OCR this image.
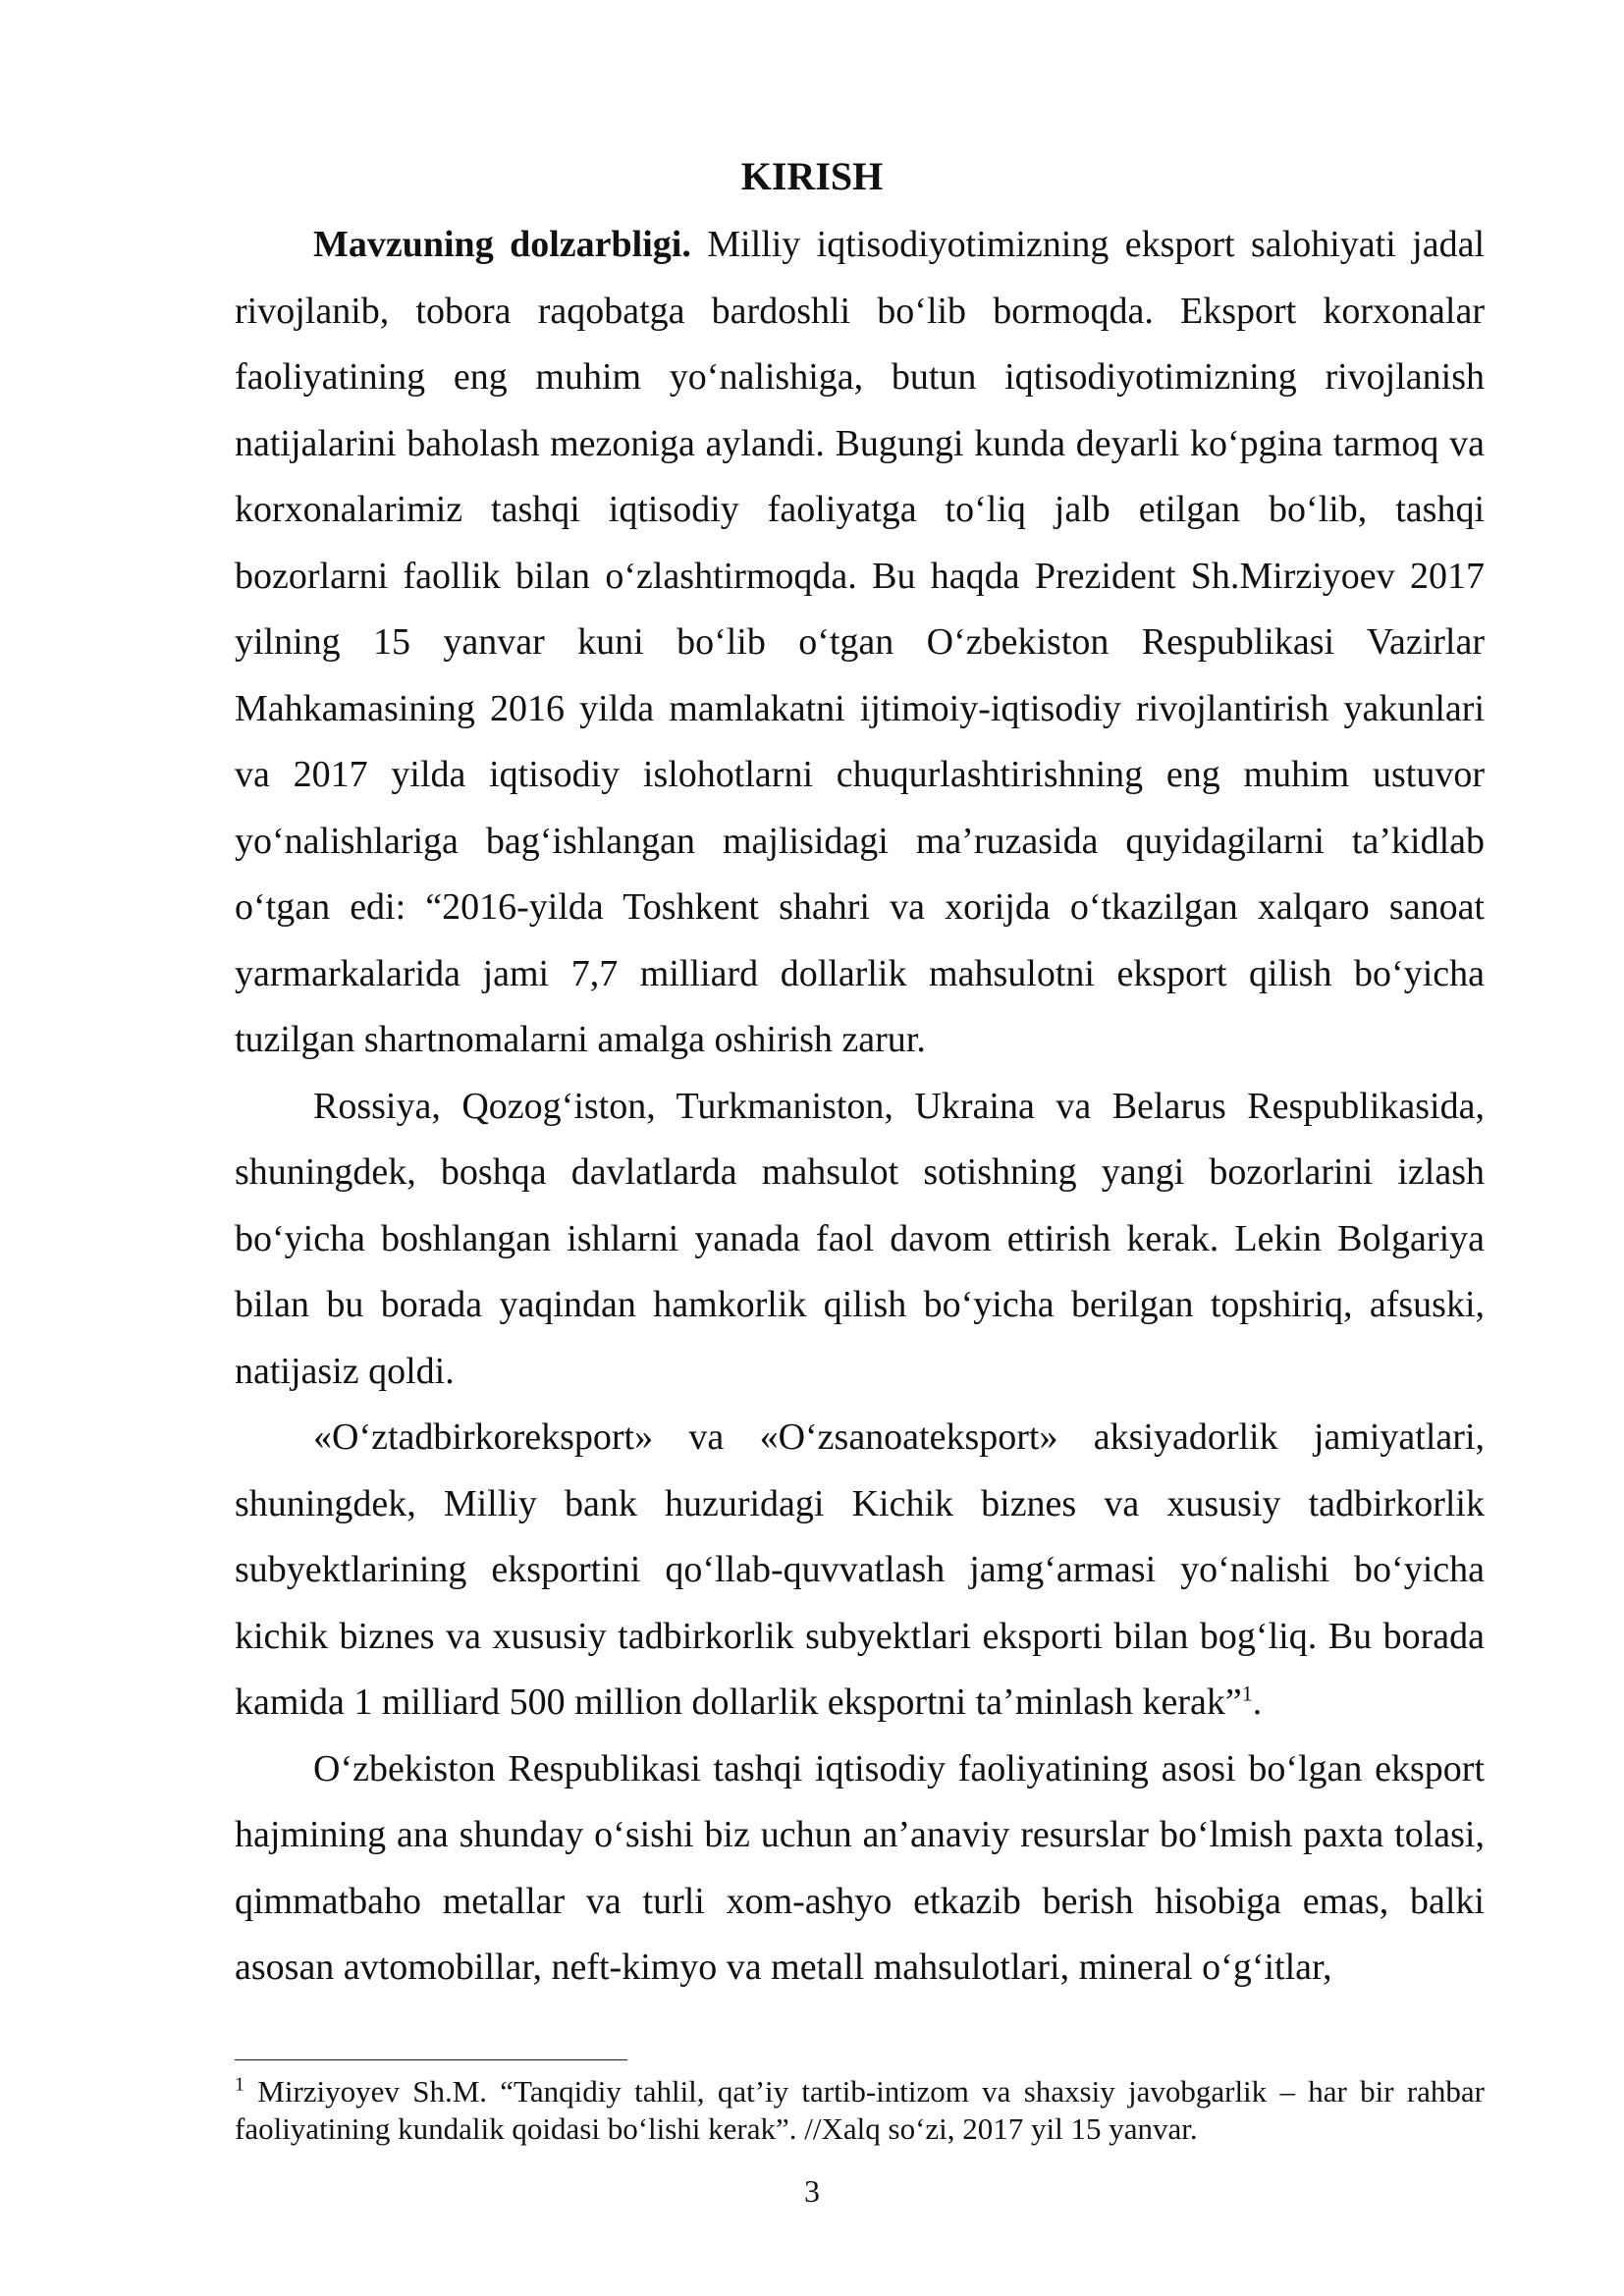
KIRISH

Mavzuning dolzarbligi. Milliy iqtisodiyotimizning eksport salohiyati jadal rivojlanib, tobora raqobatga bardoshli bo‘lib bormoqda. Eksport korxonalar faoliyatining eng muhim yo‘nalishiga, butun iqtisodiyotimizning rivojlanish natijalarini baholash mezoniga aylandi. Bugungi kunda deyarli ko‘pgina tarmoq va korxonalarimiz tashqi iqtisodiy faoliyatga to‘liq jalb etilgan bo‘lib, tashqi bozorlarni faollik bilan o‘zlashtirmoqda. Bu haqda Prezident Sh.Mirziyoev 2017 yilning 15 yanvar kuni bo‘lib o‘tgan O‘zbekiston Respublikasi Vazirlar Mahkamasining 2016 yilda mamlakatni ijtimoiy-iqtisodiy rivojlantirish yakunlari va 2017 yilda iqtisodiy islohotlarni chuqurlashtirishning eng muhim ustuvor yo‘nalishlariga bag‘ishlangan majlisidagi ma’ruzasida quyidagilarni ta’kidlab o‘tgan edi: “2016-yilda Toshkent shahri va xorijda o‘tkazilgan xalqaro sanoat yarmarkalarida jami 7,7 milliard dollarlik mahsulotni eksport qilish bo‘yicha tuzilgan shartnomalarni amalga oshirish zarur.

Rossiya, Qozog‘iston, Turkmaniston, Ukraina va Belarus Respublikasida, shuningdek, boshqa davlatlarda mahsulot sotishning yangi bozorlarini izlash bo‘yicha boshlangan ishlarni yanada faol davom ettirish kerak. Lekin Bolgariya bilan bu borada yaqindan hamkorlik qilish bo‘yicha berilgan topshiriq, afsuski, natijasiz qoldi.

«O‘ztadbirkoreksport» va «O‘zsanoateksport» aksiyadorlik jamiyatlari, shuningdek, Milliy bank huzuridagi Kichik biznes va xususiy tadbirkorlik subyektlarining eksportini qo‘llab-quvvatlash jamg‘armasi yo‘nalishi bo‘yicha kichik biznes va xususiy tadbirkorlik subyektlari eksporti bilan bog‘liq. Bu borada kamida 1 milliard 500 million dollarlik eksportni ta’minlash kerak”$^1$.

O‘zbekiston Respublikasi tashqi iqtisodiy faoliyatining asosi bo‘lgan eksport hajmining ana shunday o‘sishi biz uchun an’anaviy resurslar bo‘lmish paxta tolasi, qimmatbaho metallar va turli xom-ashyo etkazib berish hisobiga emas, balki asosan avtomobillar, neft-kimyo va metall mahsulotlari, mineral o‘g‘itlar,

$^1$ Mirziyoyev Sh.M. “Tanqidiy tahlil, qat’iy tartib-intizom va shaxsiy javobgarlik – har bir rahbar faoliyatining kundalik qoidasi bo‘lishi kerak”. //Xalq so‘zi, 2017 yil 15 yanvar.
3
